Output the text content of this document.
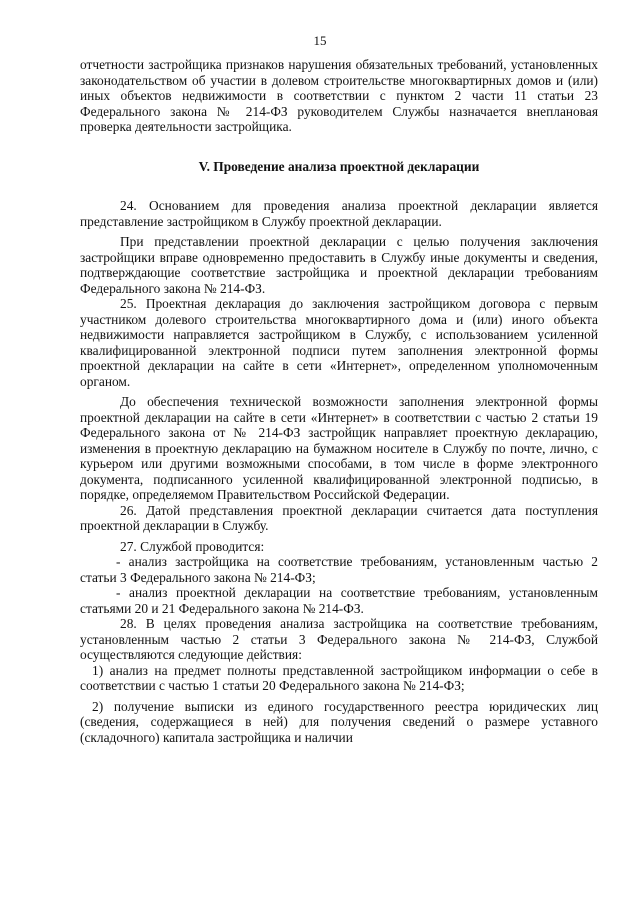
15

отчетности застройщика признаков нарушения обязательных требований, установленных законодательством об участии в долевом строительстве многоквартирных домов и (или) иных объектов недвижимости в соответствии с пунктом 2 части 11 статьи 23 Федерального закона № 214-ФЗ руководителем Службы назначается внеплановая проверка деятельности застройщика.

V. Проведение анализа проектной декларации

24. Основанием для проведения анализа проектной декларации является представление застройщиком в Службу проектной декларации.

При представлении проектной декларации с целью получения заключения застройщики вправе одновременно предоставить в Службу иные документы и сведения, подтверждающие соответствие застройщика и проектной декларации требованиям Федерального закона № 214-ФЗ.

25. Проектная декларация до заключения застройщиком договора с первым участником долевого строительства многоквартирного дома и (или) иного объекта недвижимости направляется застройщиком в Службу, с использованием усиленной квалифицированной электронной подписи путем заполнения электронной формы проектной декларации на сайте в сети «Интернет», определенном уполномоченным органом.

До обеспечения технической возможности заполнения электронной формы проектной декларации на сайте в сети «Интернет» в соответствии с частью 2 статьи 19 Федерального закона от № 214-ФЗ застройщик направляет проектную декларацию, изменения в проектную декларацию на бумажном носителе в Службу по почте, лично, с курьером или другими возможными способами, в том числе в форме электронного документа, подписанного усиленной квалифицированной электронной подписью, в порядке, определяемом Правительством Российской Федерации.

26. Датой представления проектной декларации считается дата поступления проектной декларации в Службу.

27. Службой проводится:

- анализ застройщика на соответствие требованиям, установленным частью 2 статьи 3 Федерального закона № 214-ФЗ;

- анализ проектной декларации на соответствие требованиям, установленным статьями 20 и 21 Федерального закона № 214-ФЗ.

28. В целях проведения анализа застройщика на соответствие требованиям, установленным частью 2 статьи 3 Федерального закона № 214-ФЗ, Службой осуществляются следующие действия:

1) анализ на предмет полноты представленной застройщиком информации о себе в соответствии с частью 1 статьи 20 Федерального закона № 214-ФЗ;

2) получение выписки из единого государственного реестра юридических лиц (сведения, содержащиеся в ней) для получения сведений о размере уставного (складочного) капитала застройщика и наличии
